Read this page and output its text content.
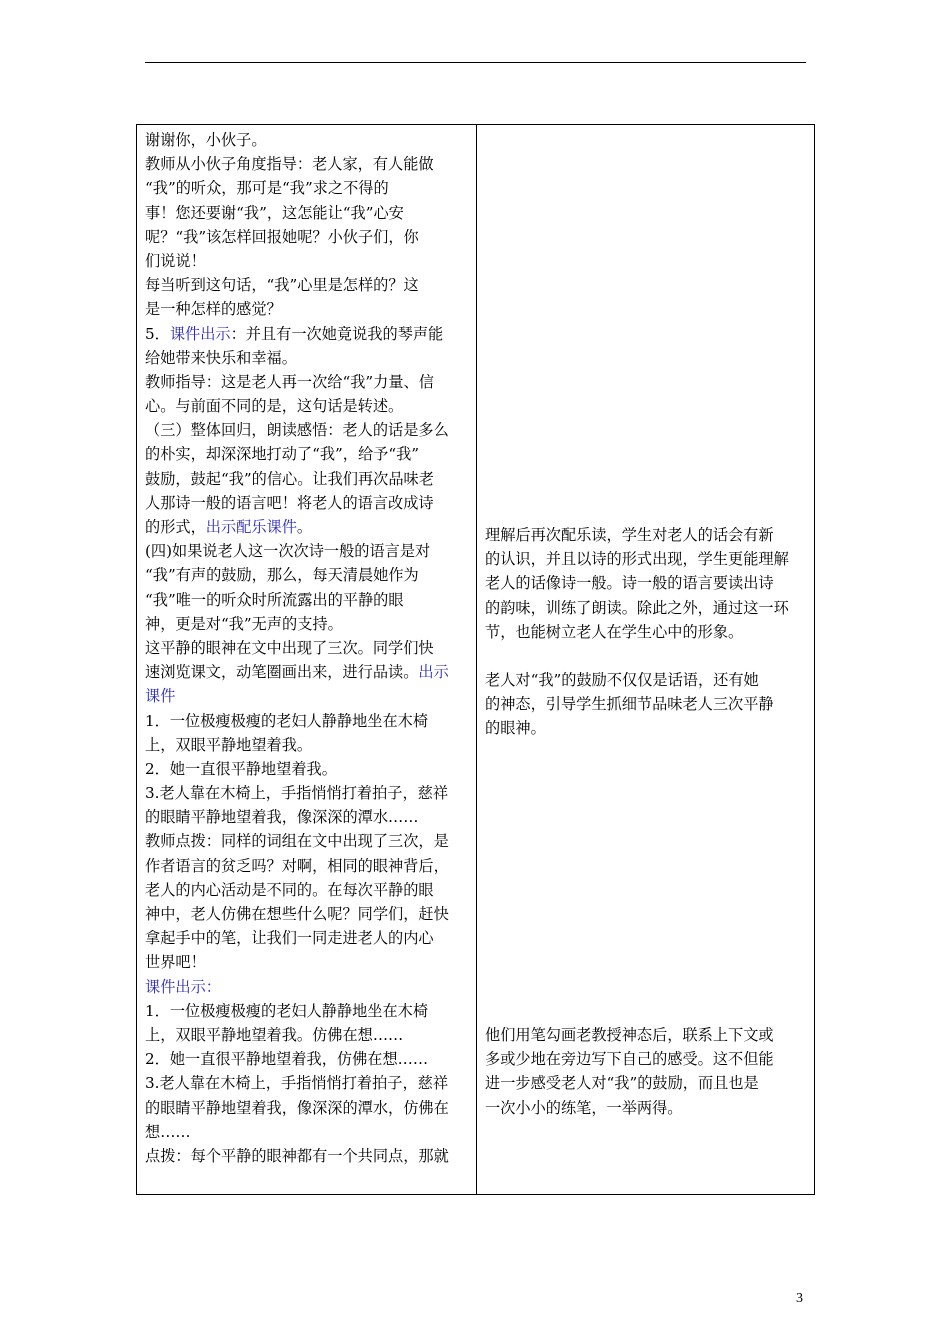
谢谢你，小伙子。
教师从小伙子角度指导：老人家，有人能做
“我”的听众，那可是“我”求之不得的
事！您还要谢“我”，这怎能让“我”心安
呢？“我”该怎样回报她呢？小伙子们，你
们说说！
每当听到这句话，“我”心里是怎样的？这
是一种怎样的感觉？
5．课件出示：并且有一次她竟说我的琴声能
给她带来快乐和幸福。
教师指导：这是老人再一次给“我”力量、信
心。与前面不同的是，这句话是转述。
（三）整体回归，朗读感悟：老人的话是多么
的朴实，却深深地打动了“我”，给予“我”
鼓励，鼓起“我”的信心。让我们再次品味老
人那诗一般的语言吧！将老人的语言改成诗
的形式，出示配乐课件。
(四)如果说老人这一次次诗一般的语言是对
“我”有声的鼓励，那么，每天清晨她作为
“我”唯一的听众时所流露出的平静的眼
神，更是对“我”无声的支持。
这平静的眼神在文中出现了三次。同学们快
速浏览课文，动笔圈画出来，进行品读。出示
课件
1．一位极瘦极瘦的老妇人静静地坐在木椅
上，双眼平静地望着我。
2．她一直很平静地望着我。
3.老人靠在木椅上，手指悄悄打着拍子，慈祥
的眼睛平静地望着我，像深深的潭水……
教师点拨：同样的词组在文中出现了三次，是
作者语言的贫乏吗？对啊，相同的眼神背后，
老人的内心活动是不同的。在每次平静的眼
神中，老人仿佛在想些什么呢？同学们，赶快
拿起手中的笔，让我们一同走进老人的内心
世界吧！
课件出示：
1．一位极瘦极瘦的老妇人静静地坐在木椅
上，双眼平静地望着我。仿佛在想……
2．她一直很平静地望着我，仿佛在想……
3.老人靠在木椅上，手指悄悄打着拍子，慈祥
的眼睛平静地望着我，像深深的潭水，仿佛在
想……
点拨：每个平静的眼神都有一个共同点，那就
理解后再次配乐读，学生对老人的话会有新
的认识，并且以诗的形式出现，学生更能理解
老人的话像诗一般。诗一般的语言要读出诗
的韵味，训练了朗读。除此之外，通过这一环
节，也能树立老人在学生心中的形象。
老人对“我”的鼓励不仅仅是话语，还有她
的神态，引导学生抓细节品味老人三次平静
的眼神。
他们用笔勾画老教授神态后，联系上下文或
多或少地在旁边写下自己的感受。这不但能
进一步感受老人对“我”的鼓励，而且也是
一次小小的练笔，一举两得。
3
